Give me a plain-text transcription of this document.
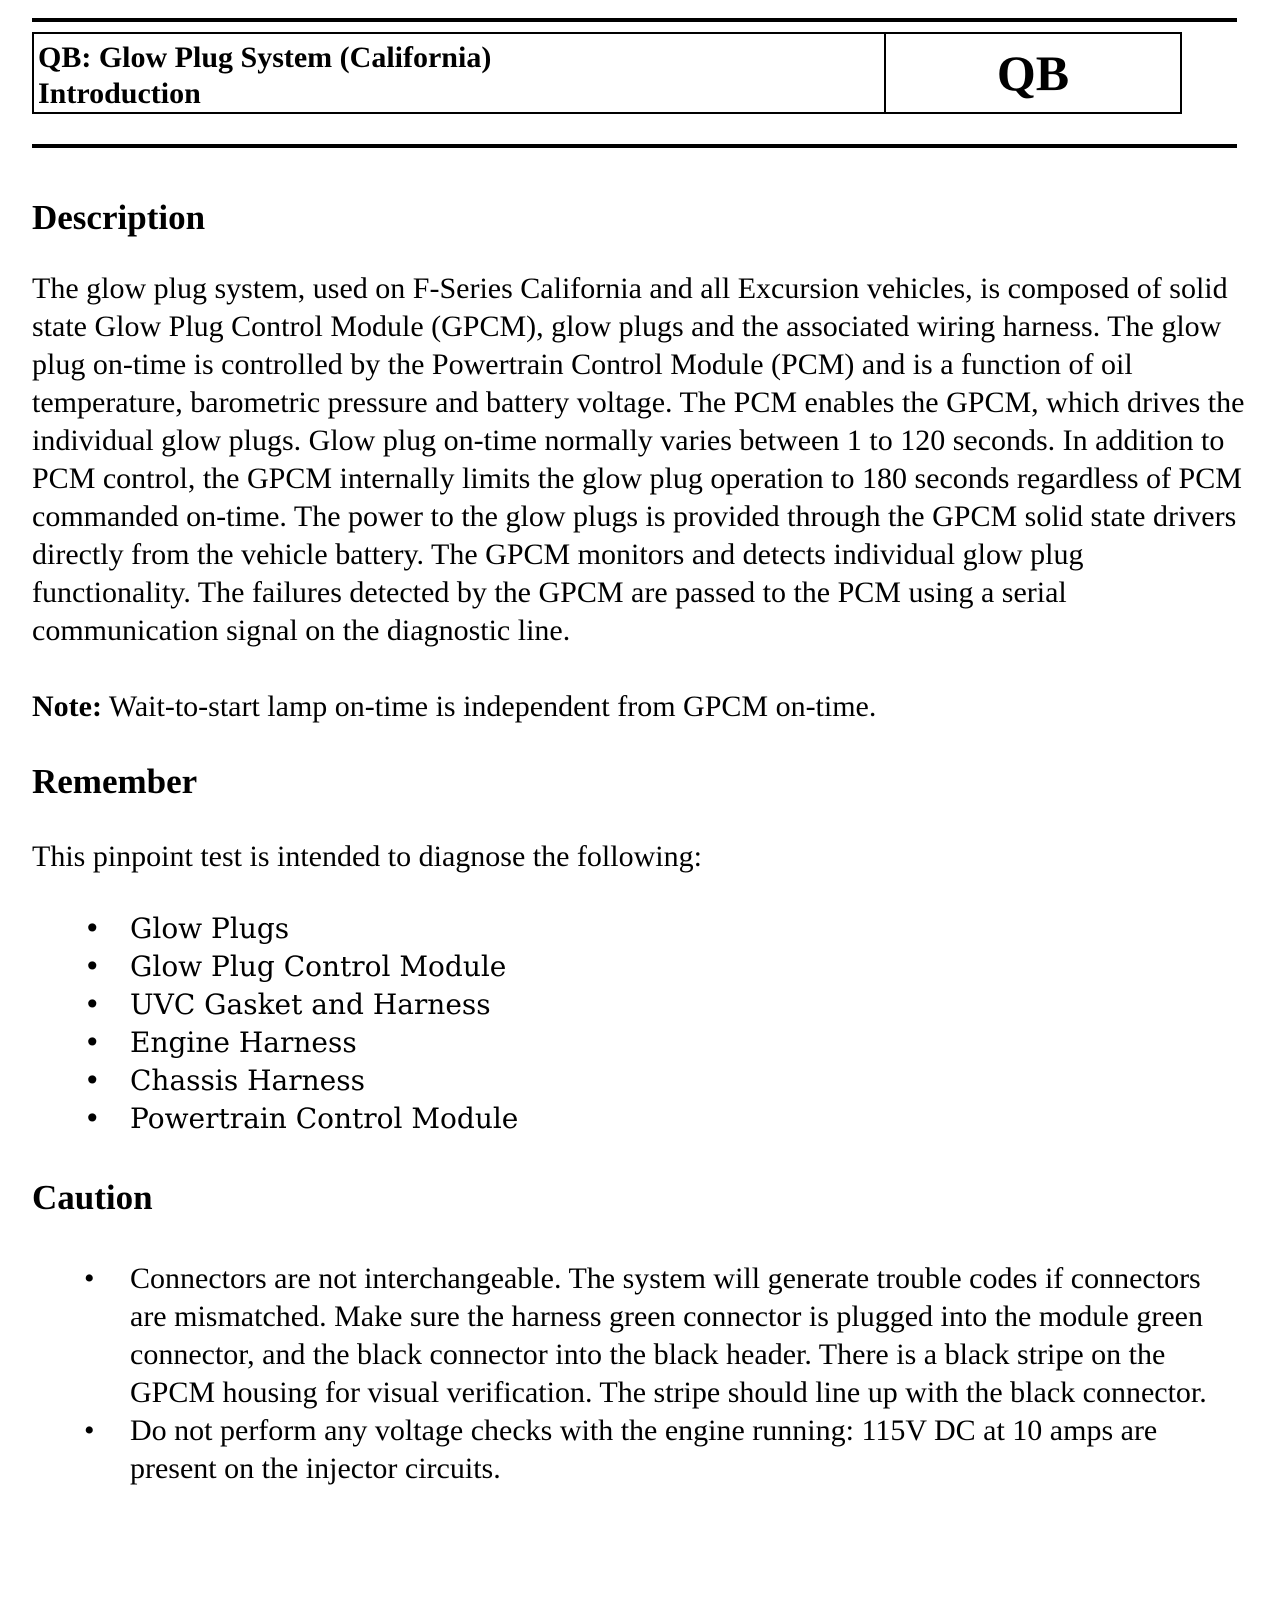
QB: Glow Plug System (California)
Introduction	QB
Description

The glow plug system, used on F-Series California and all Excursion vehicles, is composed of solid state Glow Plug Control Module (GPCM), glow plugs and the associated wiring harness. The glow plug on-time is controlled by the Powertrain Control Module (PCM) and is a function of oil temperature, barometric pressure and battery voltage. The PCM enables the GPCM, which drives the individual glow plugs. Glow plug on-time normally varies between 1 to 120 seconds. In addition to PCM control, the GPCM internally limits the glow plug operation to 180 seconds regardless of PCM commanded on-time. The power to the glow plugs is provided through the GPCM solid state drivers directly from the vehicle battery. The GPCM monitors and detects individual glow plug functionality. The failures detected by the GPCM are passed to the PCM using a serial communication signal on the diagnostic line.

Note: Wait-to-start lamp on-time is independent from GPCM on-time.

Remember

This pinpoint test is intended to diagnose the following:

• Glow Plugs
• Glow Plug Control Module
• UVC Gasket and Harness
• Engine Harness
• Chassis Harness
• Powertrain Control Module
Caution
• Connectors are not interchangeable. The system will generate trouble codes if connectors are mismatched. Make sure the harness green connector is plugged into the module green connector, and the black connector into the black header. There is a black stripe on the GPCM housing for visual verification. The stripe should line up with the black connector.
• Do not perform any voltage checks with the engine running: 115V DC at 10 amps are present on the injector circuits.
